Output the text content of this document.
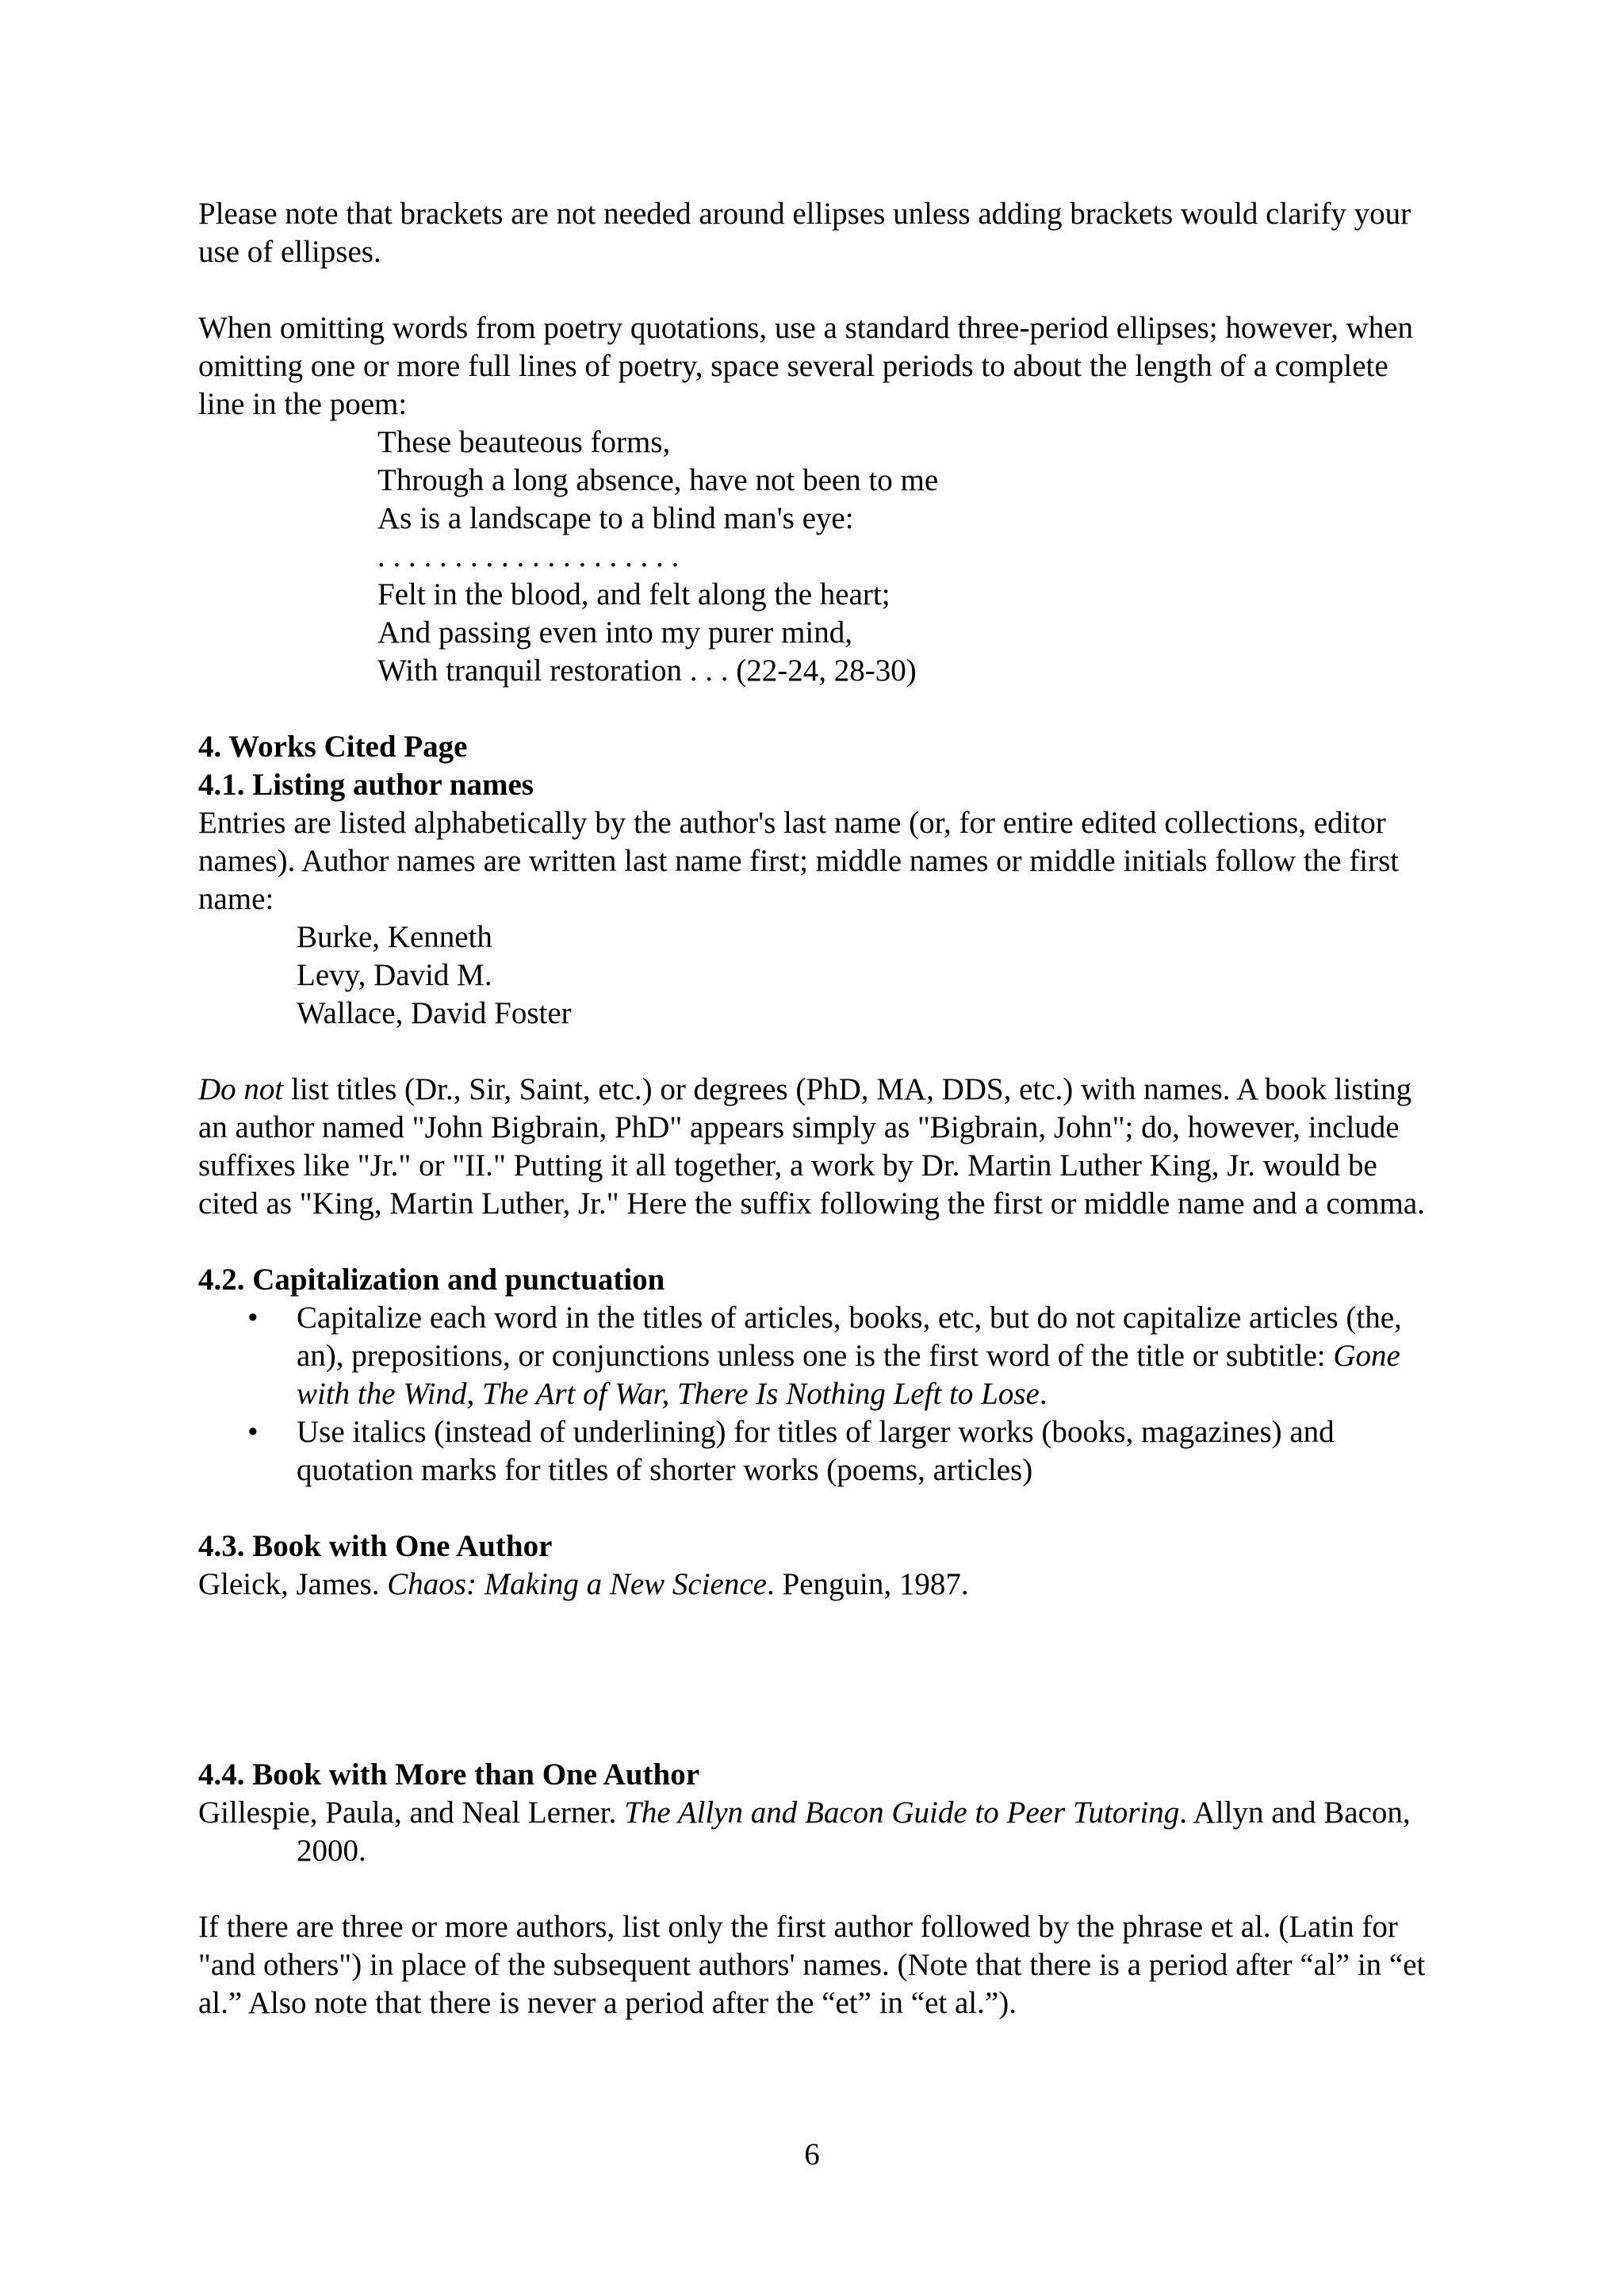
Please note that brackets are not needed around ellipses unless adding brackets would clarify your use of ellipses.

When omitting words from poetry quotations, use a standard three-period ellipses; however, when omitting one or more full lines of poetry, space several periods to about the length of a complete line in the poem:

These beauteous forms,

Through a long absence, have not been to me

As is a landscape to a blind man's eye:

. . . . . . . . . . . . . . . . . . . .

Felt in the blood, and felt along the heart;

And passing even into my purer mind,

With tranquil restoration . . . (22-24, 28-30)

4. Works Cited Page
4.1. Listing author names

Entries are listed alphabetically by the author's last name (or, for entire edited collections, editor names). Author names are written last name first; middle names or middle initials follow the first name:

Burke, Kenneth

Levy, David M.

Wallace, David Foster

Do not list titles (Dr., Sir, Saint, etc.) or degrees (PhD, MA, DDS, etc.) with names. A book listing an author named "John Bigbrain, PhD" appears simply as "Bigbrain, John"; do, however, include suffixes like "Jr." or "II." Putting it all together, a work by Dr. Martin Luther King, Jr. would be cited as "King, Martin Luther, Jr." Here the suffix following the first or middle name and a comma.

4.2. Capitalization and punctuation
• Capitalize each word in the titles of articles, books, etc, but do not capitalize articles (the, an), prepositions, or conjunctions unless one is the first word of the title or subtitle: Gone with the Wind, The Art of War, There Is Nothing Left to Lose.
• Use italics (instead of underlining) for titles of larger works (books, magazines) and quotation marks for titles of shorter works (poems, articles)
4.3. Book with One Author

Gleick, James. Chaos: Making a New Science. Penguin, 1987.

4.4. Book with More than One Author

Gillespie, Paula, and Neal Lerner. The Allyn and Bacon Guide to Peer Tutoring. Allyn and Bacon, 2000.

If there are three or more authors, list only the first author followed by the phrase et al. (Latin for "and others") in place of the subsequent authors' names. (Note that there is a period after “al” in “et al.” Also note that there is never a period after the “et” in “et al.”).

6
